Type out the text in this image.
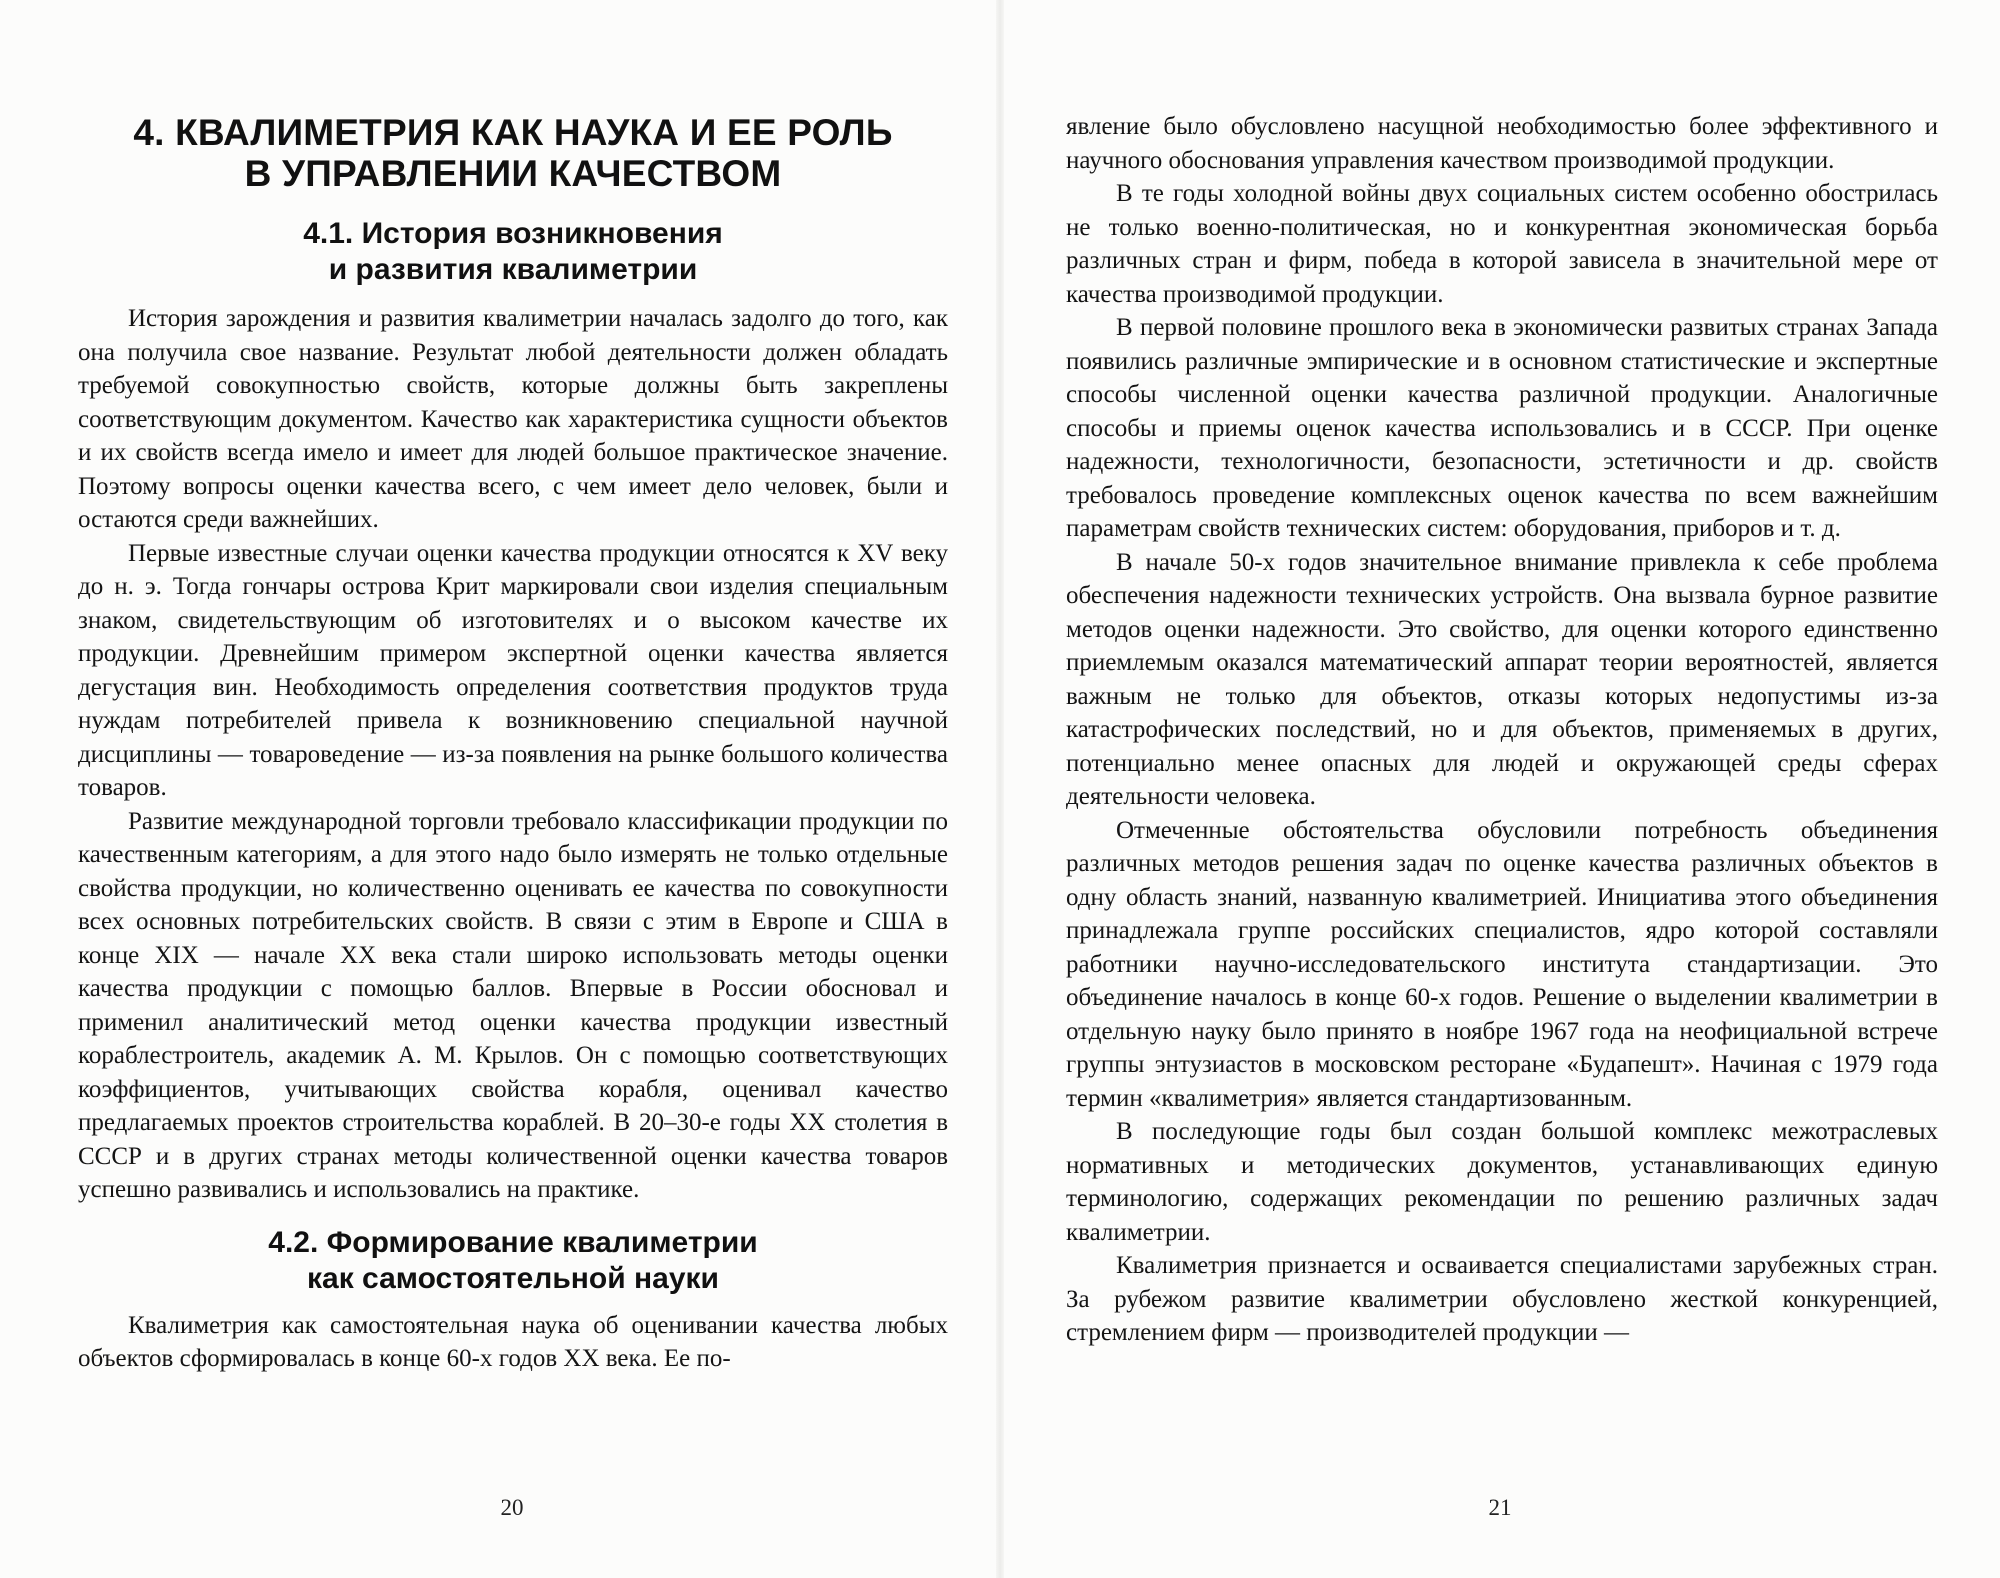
4. КВАЛИМЕТРИЯ КАК НАУКА И ЕЕ РОЛЬ
В УПРАВЛЕНИИ КАЧЕСТВОМ
4.1. История возникновения
и развития квалиметрии

История зарождения и развития квалиметрии началась задолго до того, как она получила свое название. Результат любой деятельности должен обладать требуемой совокупностью свойств, которые должны быть закреплены соответствующим документом. Качество как характеристика сущности объектов и их свойств всегда имело и имеет для людей большое практическое значение. Поэтому вопросы оценки качества всего, с чем имеет дело человек, были и остаются среди важнейших.

Первые известные случаи оценки качества продукции относятся к XV веку до н. э. Тогда гончары острова Крит маркировали свои изделия специальным знаком, свидетельствующим об изготовителях и о высоком качестве их продукции. Древнейшим примером экспертной оценки качества является дегустация вин. Необходимость определения соответствия продуктов труда нуждам потребителей привела к возникновению специальной научной дисциплины — товароведение — из-за появления на рынке большого количества товаров.

Развитие международной торговли требовало классификации продукции по качественным категориям, а для этого надо было измерять не только отдельные свойства продукции, но количественно оценивать ее качества по совокупности всех основных потребительских свойств. В связи с этим в Европе и США в конце XIX — начале XX века стали широко использовать методы оценки качества продукции с помощью баллов. Впервые в России обосновал и применил аналитический метод оценки качества продукции известный кораблестроитель, академик А. М. Крылов. Он с помощью соответствующих коэффициентов, учитывающих свойства корабля, оценивал качество предлагаемых проектов строительства кораблей. В 20–30-е годы XX столетия в СССР и в других странах методы количественной оценки качества товаров успешно развивались и использовались на практике.

4.2. Формирование квалиметрии
как самостоятельной науки

Квалиметрия как самостоятельная наука об оценивании качества любых объектов сформировалась в конце 60-х годов XX века. Ее по-

20

явление было обусловлено насущной необходимостью более эффективного и научного обоснования управления качеством производимой продукции.

В те годы холодной войны двух социальных систем особенно обострилась не только военно-политическая, но и конкурентная экономическая борьба различных стран и фирм, победа в которой зависела в значительной мере от качества производимой продукции.

В первой половине прошлого века в экономически развитых странах Запада появились различные эмпирические и в основном статистические и экспертные способы численной оценки качества различной продукции. Аналогичные способы и приемы оценок качества использовались и в СССР. При оценке надежности, технологичности, безопасности, эстетичности и др. свойств требовалось проведение комплексных оценок качества по всем важнейшим параметрам свойств технических систем: оборудования, приборов и т. д.

В начале 50-х годов значительное внимание привлекла к себе проблема обеспечения надежности технических устройств. Она вызвала бурное развитие методов оценки надежности. Это свойство, для оценки которого единственно приемлемым оказался математический аппарат теории вероятностей, является важным не только для объектов, отказы которых недопустимы из-за катастрофических последствий, но и для объектов, применяемых в других, потенциально менее опасных для людей и окружающей среды сферах деятельности человека.

Отмеченные обстоятельства обусловили потребность объединения различных методов решения задач по оценке качества различных объектов в одну область знаний, названную квалиметрией. Инициатива этого объединения принадлежала группе российских специалистов, ядро которой составляли работники научно-исследовательского института стандартизации. Это объединение началось в конце 60-х годов. Решение о выделении квалиметрии в отдельную науку было принято в ноябре 1967 года на неофициальной встрече группы энтузиастов в московском ресторане «Будапешт». Начиная с 1979 года термин «квалиметрия» является стандартизованным.

В последующие годы был создан большой комплекс межотраслевых нормативных и методических документов, устанавливающих единую терминологию, содержащих рекомендации по решению различных задач квалиметрии.

Квалиметрия признается и осваивается специалистами зарубежных стран. За рубежом развитие квалиметрии обусловлено жесткой конкуренцией, стремлением фирм — производителей продукции —

21
